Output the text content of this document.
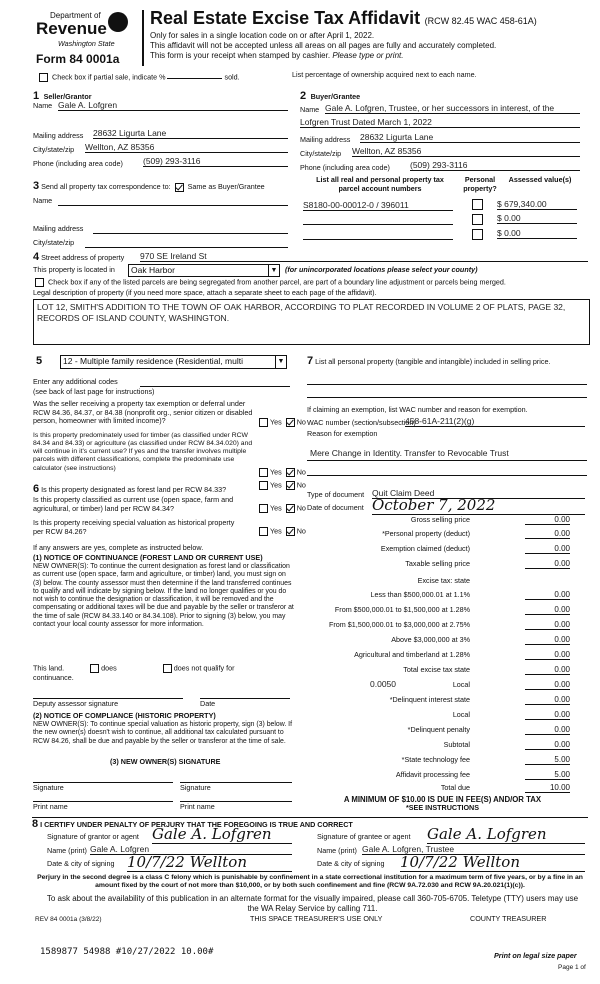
Department of
Revenue
Washington State
Form 84 0001a
Real Estate Excise Tax Affidavit (RCW 82.45 WAC 458-61A)
Only for sales in a single location code on or after April 1, 2022.
This affidavit will not be accepted unless all areas on all pages are fully and accurately completed.
This form is your receipt when stamped by cashier. Please type or print.
Check box if partial sale, indicate %	sold.	List percentage of ownership acquired next to each name.
1 Seller/Grantor
Name Gale A. Lofgren
Mailing address 28632 Ligurta Lane
City/state/zip Wellton, AZ 85356
Phone (including area code) (509) 293-3116
2 Buyer/Grantee
Name Gale A. Lofgren, Trustee, or her successors in interest, of the
Lofgren Trust Dated March 1, 2022
Mailing address 28632 Ligurta Lane
City/state/zip Wellton, AZ 85356
Phone (including area code) (509) 293-3116
3 Send all property tax correspondence to: Same as Buyer/Grantee
Name
Mailing address
City/state/zip
List all real and personal property tax parcel account numbers
Personal property?
Assessed value(s)
S8180-00-00012-0 / 396011	$ 679,340.00
$ 0.00
$ 0.00
4 Street address of property	970 SE Ireland St
This property is located in	Oak Harbor	▼ (for unincorporated locations please select your county)
Check box if any of the listed parcels are being segregated from another parcel, are part of a boundary line adjustment or parcels being merged.
Legal description of property (if you need more space, attach a separate sheet to each page of the affidavit).
LOT 12, SMITH'S ADDITION TO THE TOWN OF OAK HARBOR, ACCORDING TO PLAT RECORDED IN VOLUME 2 OF PLATS, PAGE 32, RECORDS OF ISLAND COUNTY, WASHINGTON.
5	12 - Multiple family residence (Residential, multi	▼
Enter any additional codes
(see back of last page for instructions)
Was the seller receiving a property tax exemption or deferral under RCW 84.36, 84.37, or 84.38 (nonprofit org., senior citizen or disabled person, homeowner with limited income)?	Yes No
Is this property predominately used for timber (as classified under RCW 84.34 and 84.33) or agriculture (as classified under RCW 84.34.020) and will continue in it's current use? If yes and the transfer involves multiple parcels with different classifications, complete the predominate use calculator (see instructions)	Yes No
6 Is this property designated as forest land per RCW 84.33?
Yes No
Is this property classified as current use (open space, farm and agricultural, or timber) land per RCW 84.34?	Yes No
Is this property receiving special valuation as historical property per RCW 84.26?	Yes No
If any answers are yes, complete as instructed below.
(1) NOTICE OF CONTINUANCE (FOREST LAND OR CURRENT USE)
NEW OWNER(S): To continue the current designation as forest land or classification as current use (open space, farm and agriculture, or timber) land, you must sign on (3) below. The county assessor must then determine if the land transferred continues to qualify and will indicate by signing below. If the land no longer qualifies or you do not wish to continue the designation or classification, it will be removed and the compensating or additional taxes will be due and payable by the seller or transferor at the time of sale (RCW 84.33.140 or 84.34.108). Prior to signing (3) below, you may contact your local county assessor for more information.
This land.	does	does not qualify for
continuance.
Deputy assessor signature	Date
(2) NOTICE OF COMPLIANCE (HISTORIC PROPERTY)
NEW OWNER(S): To continue special valuation as historic property, sign (3) below. If the new owner(s) doesn't wish to continue, all additional tax calculated pursuant to RCW 84.26, shall be due and payable by the seller or transferor at the time of sale.
(3) NEW OWNER(S) SIGNATURE
Signature	Signature
Print name	Print name
7 List all personal property (tangible and intangible) included in selling price.
If claiming an exemption, list WAC number and reason for exemption.
WAC number (section/subsection)
458-61A-211(2)(g)
Reason for exemption
Mere Change in Identity. Transfer to Revocable Trust
Type of document Quit Claim Deed
Date of document October 7, 2022
Gross selling price	0.00
*Personal property (deduct)	0.00
Exemption claimed (deduct)	0.00
Taxable selling price	0.00
Excise tax: state
Less than $500,000.01 at 1.1%	0.00
From $500,000.01 to $1,500,000 at 1.28%	0.00
From $1,500,000.01 to $3,000,000 at 2.75%	0.00
Above $3,000,000 at 3%	0.00
Agricultural and timberland at 1.28%	0.00
Total excise tax state	0.00
Local	0.00
*Delinquent interest state	0.00
Local	0.00
*Delinquent penalty	0.00
Subtotal	0.00
*State technology fee	5.00
Affidavit processing fee	5.00
Total due	10.00
0.0050
A MINIMUM OF $10.00 IS DUE IN FEE(S) AND/OR TAX
*SEE INSTRUCTIONS
8 I CERTIFY UNDER PENALTY OF PERJURY THAT THE FOREGOING IS TRUE AND CORRECT
Signature of grantor or agent Gale A. Lofgren
Name (print) Gale A. Lofgren
Date & city of signing 10/7/22 Wellton
Signature of grantee or agent Gale A. Lofgren
Name (print) Gale A. Lofgren, Trustee
Date & city of signing 10/7/22 Wellton
Perjury in the second degree is a class C felony which is punishable by confinement in a state correctional institution for a maximum term of five years, or by a fine in an amount fixed by the court of not more than $10,000, or by both such confinement and fine (RCW 9A.72.030 and RCW 9A.20.021(1)(c)).
To ask about the availability of this publication in an alternate format for the visually impaired, please call 360-705-6705. Teletype (TTY) users may use the WA Relay Service by calling 711.
REV 84 0001a (3/8/22)	THIS SPACE TREASURER'S USE ONLY	COUNTY TREASURER
1589877 54988 #10/27/2022 10.00#	Print on legal size paper
Page 1 of
